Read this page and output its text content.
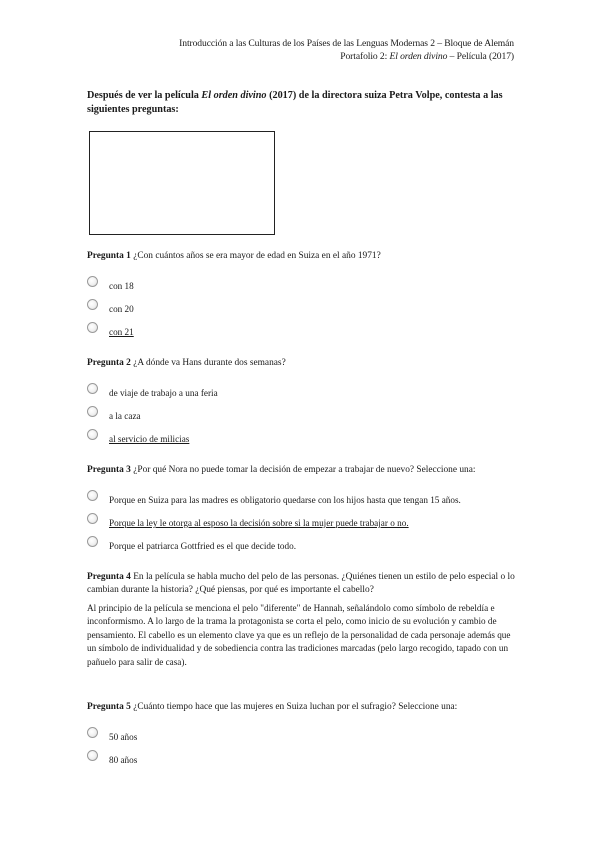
Introducción a las Culturas de los Países de las Lenguas Modernas 2 – Bloque de Alemán
Portafolio 2: El orden divino – Película (2017)
Después de ver la película El orden divino (2017) de la directora suiza Petra Volpe, contesta a las siguientes preguntas:
Pregunta 1 ¿Con cuántos años se era mayor de edad en Suiza en el año 1971?
con 18
con 20
con 21
Pregunta 2 ¿A dónde va Hans durante dos semanas?
de viaje de trabajo a una feria
a la caza
al servicio de milicias
Pregunta 3 ¿Por qué Nora no puede tomar la decisión de empezar a trabajar de nuevo? Seleccione una:
Porque en Suiza para las madres es obligatorio quedarse con los hijos hasta que tengan 15 años.
Porque la ley le otorga al esposo la decisión sobre si la mujer puede trabajar o no.
Porque el patriarca Gottfried es el que decide todo.
Pregunta 4 En la película se habla mucho del pelo de las personas. ¿Quiénes tienen un estilo de pelo especial o lo cambian durante la historia? ¿Qué piensas, por qué es importante el cabello?
Al principio de la película se menciona el pelo "diferente" de Hannah, señalándolo como símbolo de rebeldía e inconformismo. A lo largo de la trama la protagonista se corta el pelo, como inicio de su evolución y cambio de pensamiento. El cabello es un elemento clave ya que es un reflejo de la personalidad de cada personaje además que un símbolo de individualidad y de sobediencia contra las tradiciones marcadas (pelo largo recogido, tapado con un pañuelo para salir de casa).
Pregunta 5 ¿Cuánto tiempo hace que las mujeres en Suiza luchan por el sufragio? Seleccione una:
50 años
80 años
